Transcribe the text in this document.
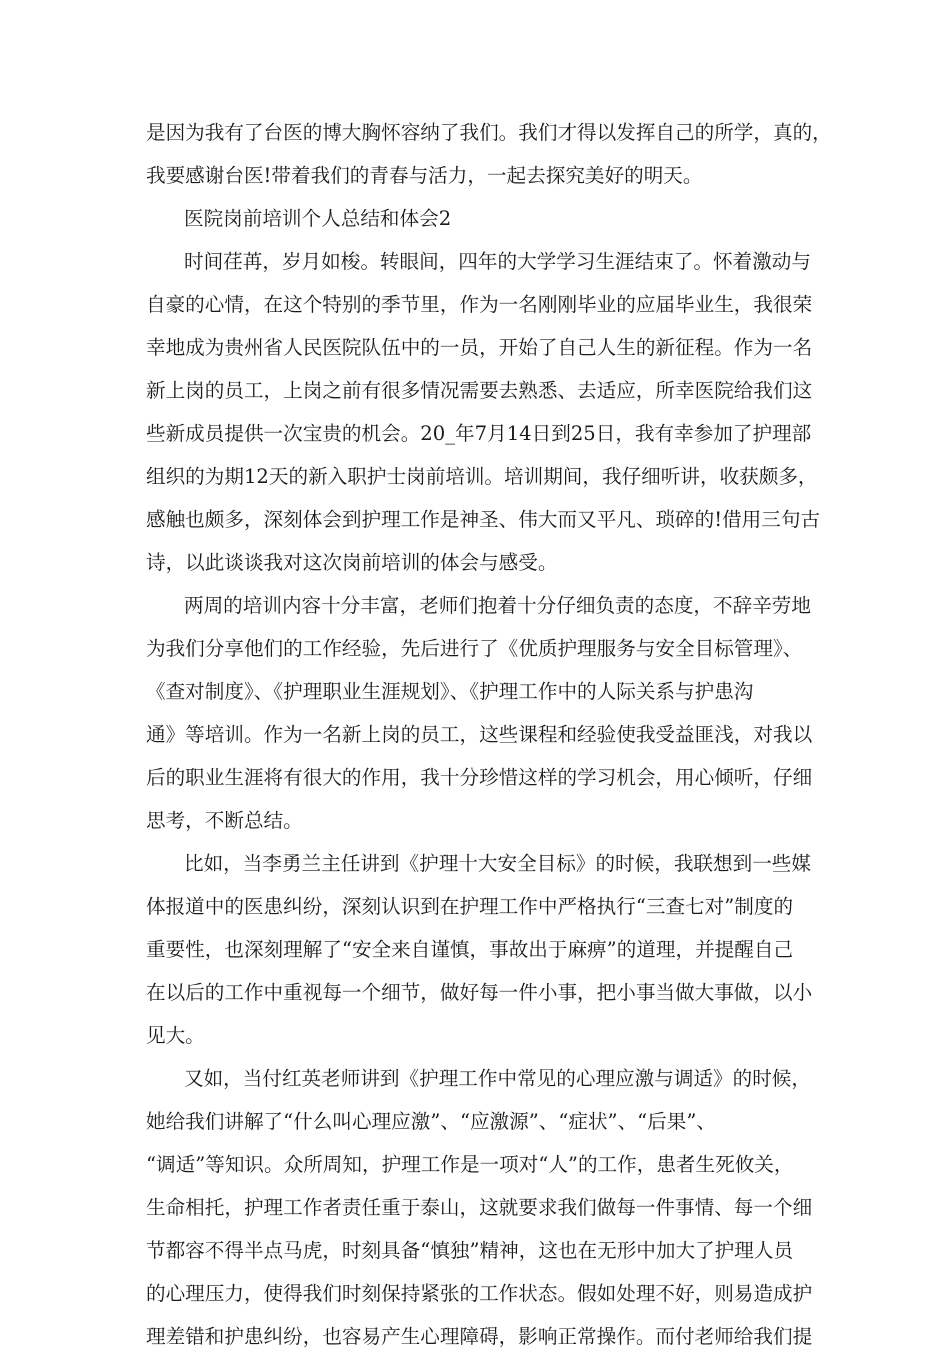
是因为我有了台医的博大胸怀容纳了我们。我们才得以发挥自己的所学，真的，
我要感谢台医!带着我们的青春与活力，一起去探究美好的明天。
医院岗前培训个人总结和体会2
时间荏苒，岁月如梭。转眼间，四年的大学学习生涯结束了。怀着激动与
自豪的心情，在这个特别的季节里，作为一名刚刚毕业的应届毕业生，我很荣
幸地成为贵州省人民医院队伍中的一员，开始了自己人生的新征程。作为一名
新上岗的员工，上岗之前有很多情况需要去熟悉、去适应，所幸医院给我们这
些新成员提供一次宝贵的机会。20_年7月14日到25日，我有幸参加了护理部
组织的为期12天的新入职护士岗前培训。培训期间，我仔细听讲，收获颇多，
感触也颇多，深刻体会到护理工作是神圣、伟大而又平凡、琐碎的!借用三句古
诗，以此谈谈我对这次岗前培训的体会与感受。
两周的培训内容十分丰富，老师们抱着十分仔细负责的态度，不辞辛劳地
为我们分享他们的工作经验，先后进行了《优质护理服务与安全目标管理》、
《查对制度》、《护理职业生涯规划》、《护理工作中的人际关系与护患沟
通》等培训。作为一名新上岗的员工，这些课程和经验使我受益匪浅，对我以
后的职业生涯将有很大的作用，我十分珍惜这样的学习机会，用心倾听，仔细
思考，不断总结。
比如，当李勇兰主任讲到《护理十大安全目标》的时候，我联想到一些媒
体报道中的医患纠纷，深刻认识到在护理工作中严格执行“三查七对”制度的
重要性，也深刻理解了“安全来自谨慎，事故出于麻痹”的道理，并提醒自己
在以后的工作中重视每一个细节，做好每一件小事，把小事当做大事做，以小
见大。
又如，当付红英老师讲到《护理工作中常见的心理应激与调适》的时候，
她给我们讲解了“什么叫心理应激”、“应激源”、“症状”、“后果”、
“调适”等知识。众所周知，护理工作是一项对“人”的工作，患者生死攸关，
生命相托，护理工作者责任重于泰山，这就要求我们做每一件事情、每一个细
节都容不得半点马虎，时刻具备“慎独”精神，这也在无形中加大了护理人员
的心理压力，使得我们时刻保持紧张的工作状态。假如处理不好，则易造成护
理差错和护患纠纷，也容易产生心理障碍，影响正常操作。而付老师给我们提
